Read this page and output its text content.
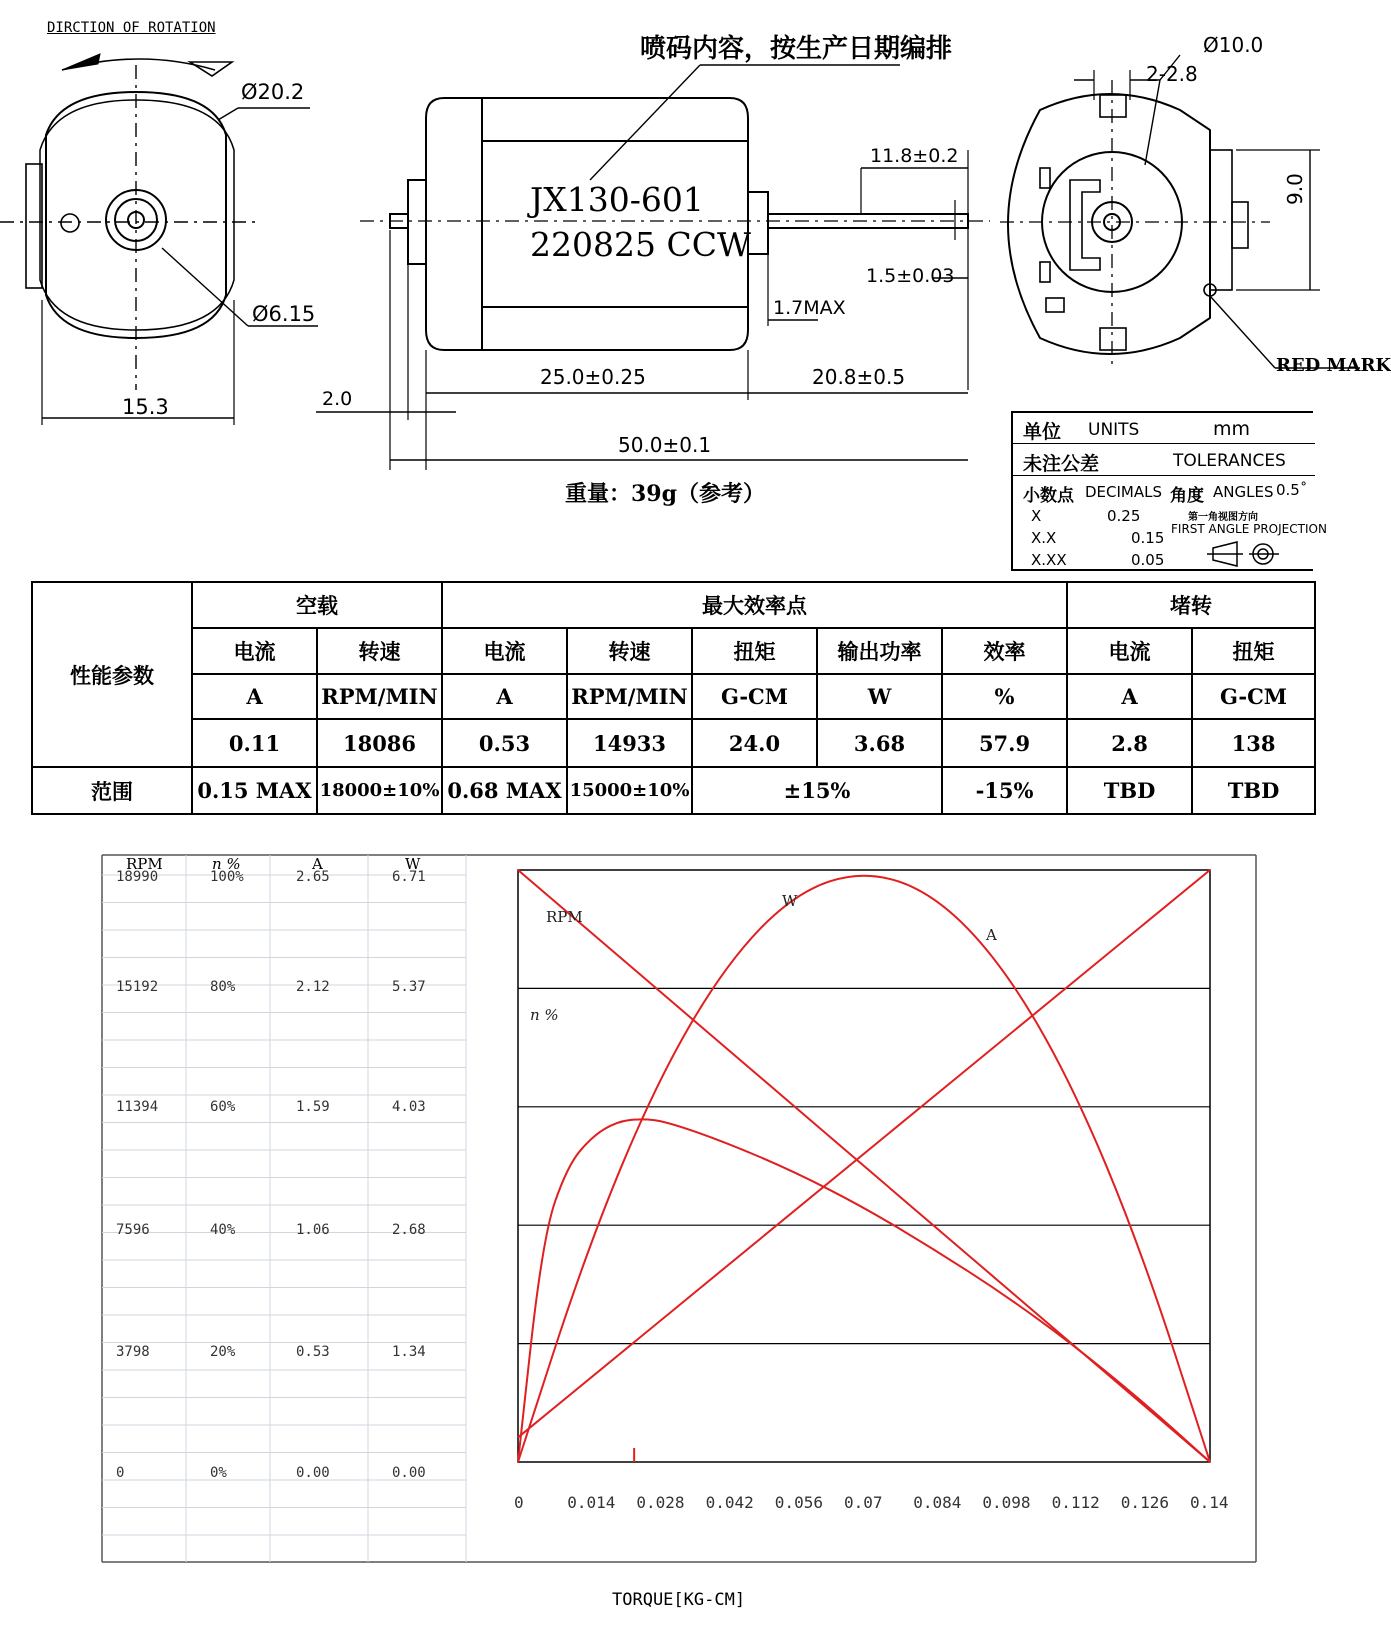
DIRCTION OF ROTATION
Ø20.2
Ø6.15
15.3
喷码内容，按生产日期编排
JX130-601
220825 CCW
11.8±0.2
1.5±0.03
1.7MAX
2.0
25.0±0.25	20.8±0.5
50.0±0.1
重量：39g（参考）
Ø10.0
2-2.8
9.0
RED MARK
单位 UNITS	mm
未注公差	TOLERANCES
小数点 DECIMALS 角度 ANGLES 0.5˚
X	0.25
X.X	0.15
X.XX	0.05
第一角视图方向
FIRST ANGLE PROJECTION
性能参数	空载		最大效率点					堵转	
	电流	转速	电流	转速	扭矩	输出功率	效率	电流	扭矩
	A	RPM/MIN	A	RPM/MIN	G-CM	W	%	A	G-CM
	0.11	18086	0.53	14933	24.0	3.68	57.9	2.8	138
范围	0.15 MAX	18000±10%	0.68 MAX	15000±10%	±15%		-15%	TBD	TBD
RPM	n %	A	W
18990	100%	2.65	6.71
15192	80%	2.12	5.37
11394	60%	1.59	4.03
7596	40%	1.06	2.68
3798	20%	0.53	1.34
0	0%	0.00	0.00
RPM
n %
A
W
0	0.014 0.028 0.042 0.056 0.07 0.084 0.098 0.112 0.126 0.14
TORQUE[KG-CM]
